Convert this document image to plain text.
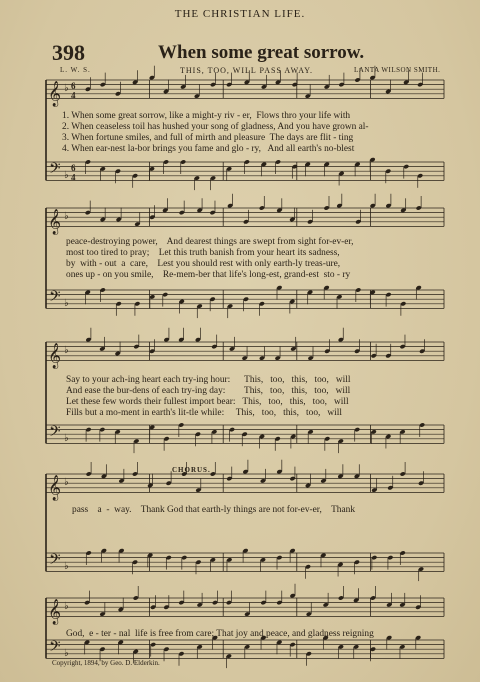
THE CHRISTIAN LIFE.
398	When some great sorrow.
L. W. S.	THIS, TOO, WILL PASS AWAY.	LANTA WILSON SMITH.
𝄞
𝄢
♭
♭
6
4
6
4
𝄞
𝄢
♭
♭
𝄞
𝄢
♭
♭
𝄞
𝄢
♭
♭
𝄞
𝄢
♭
♭
1. When some great sorrow, like a might-y riv - er,  Flows thro your life with
2. When ceaseless toil has hushed your song of gladness, And you have grown al-
3. When fortune smiles, and full of mirth and pleasure  The days are flit - ting
4. When ear-nest la-bor brings you fame and glo - ry,   And all earth's no-blest
peace-destroying power,    And dearest things are swept from sight for-ev-er,
most too tired to pray;    Let this truth banish from your heart its sadness,
by  with - out  a  care,    Lest you should rest with only earth-ly treas-ure,
ones up - on you smile,    Re-mem-ber that life's long-est, grand-est  sto - ry
Say to your ach-ing heart each try-ing hour:      This,   too,   this,   too,   will
And ease the bur-dens of each try-ing day:        This,   too,   this,   too,   will
Let these few words their fullest import bear:   This,   too,   this,   too,   will
Fills but a mo-ment in earth's lit-tle while:     This,   too,   this,   too,   will
CHORUS.
pass    a  -  way.    Thank God that earth-ly things are not for-ev-er,    Thank
God,  e - ter - nal  life is free from care; That joy and peace, and gladness reigning
Copyright, 1894, by Geo. D. Elderkin.
